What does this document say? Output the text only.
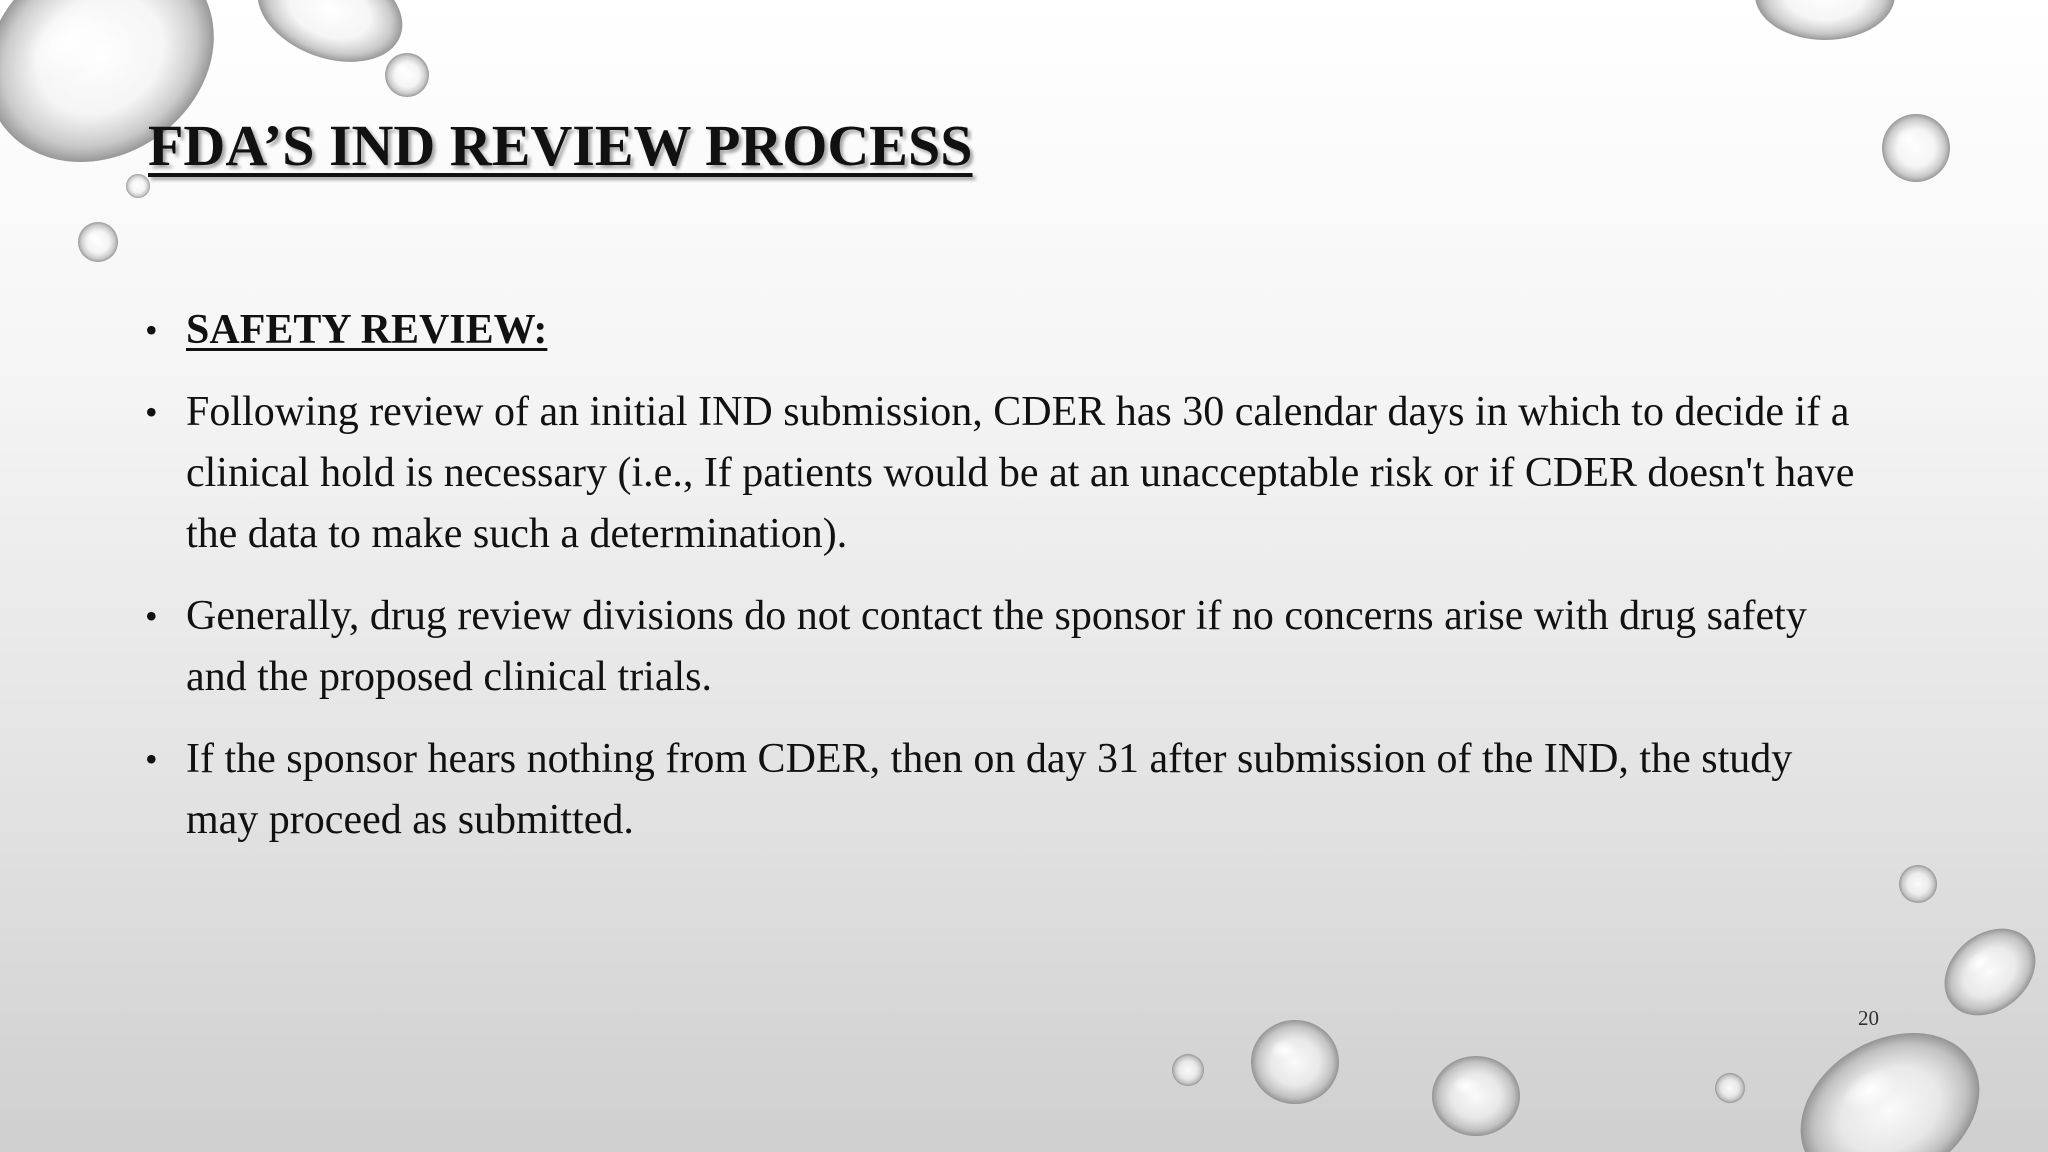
FDA’S IND REVIEW PROCESS
• SAFETY REVIEW:
• Following review of an initial IND submission, CDER has 30 calendar days in which to decide if a clinical hold is necessary (i.e., If patients would be at an unacceptable risk or if CDER doesn't have the data to make such a determination).
• Generally, drug review divisions do not contact the sponsor if no concerns arise with drug safety and the proposed clinical trials.
• If the sponsor hears nothing from CDER, then on day 31 after submission of the IND, the study may proceed as submitted.
20
